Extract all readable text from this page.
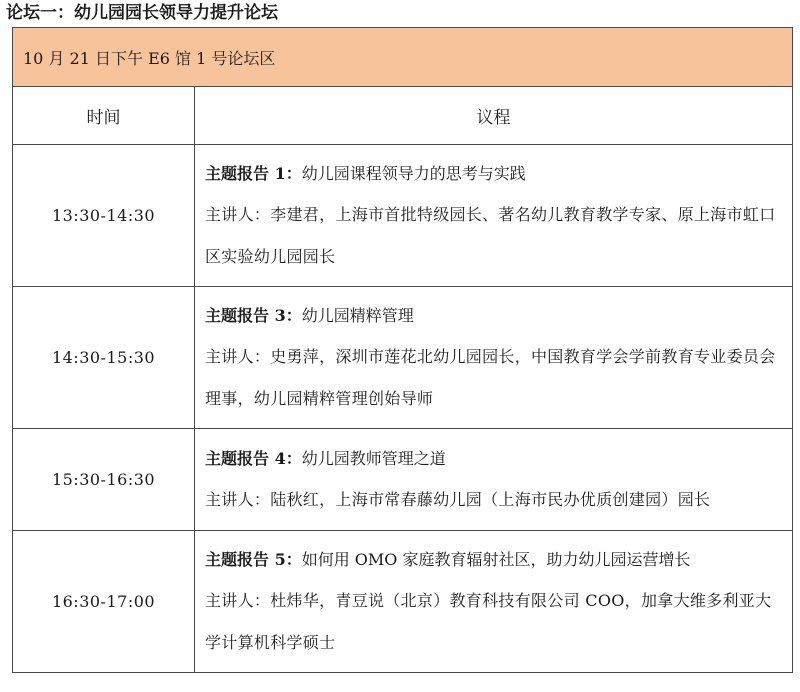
论坛一：幼儿园园长领导力提升论坛
10 月 21 日下午 E6 馆 1 号论坛区	
时间	议程
13:30-14:30	主题报告 1：幼儿园课程领导力的思考与实践
主讲人：李建君，上海市首批特级园长、著名幼儿教育教学专家、原上海市虹口区实验幼儿园园长

14:30-15:30	主题报告 3：幼儿园精粹管理
主讲人：史勇萍，深圳市莲花北幼儿园园长，中国教育学会学前教育专业委员会理事，幼儿园精粹管理创始导师

15:30-16:30	主题报告 4：幼儿园教师管理之道
主讲人：陆秋红，上海市常春藤幼儿园（上海市民办优质创建园）园长

16:30-17:00	主题报告 5：如何用 OMO 家庭教育辐射社区，助力幼儿园运营增长
主讲人：杜炜华，青豆说（北京）教育科技有限公司 COO，加拿大维多利亚大学计算机科学硕士
